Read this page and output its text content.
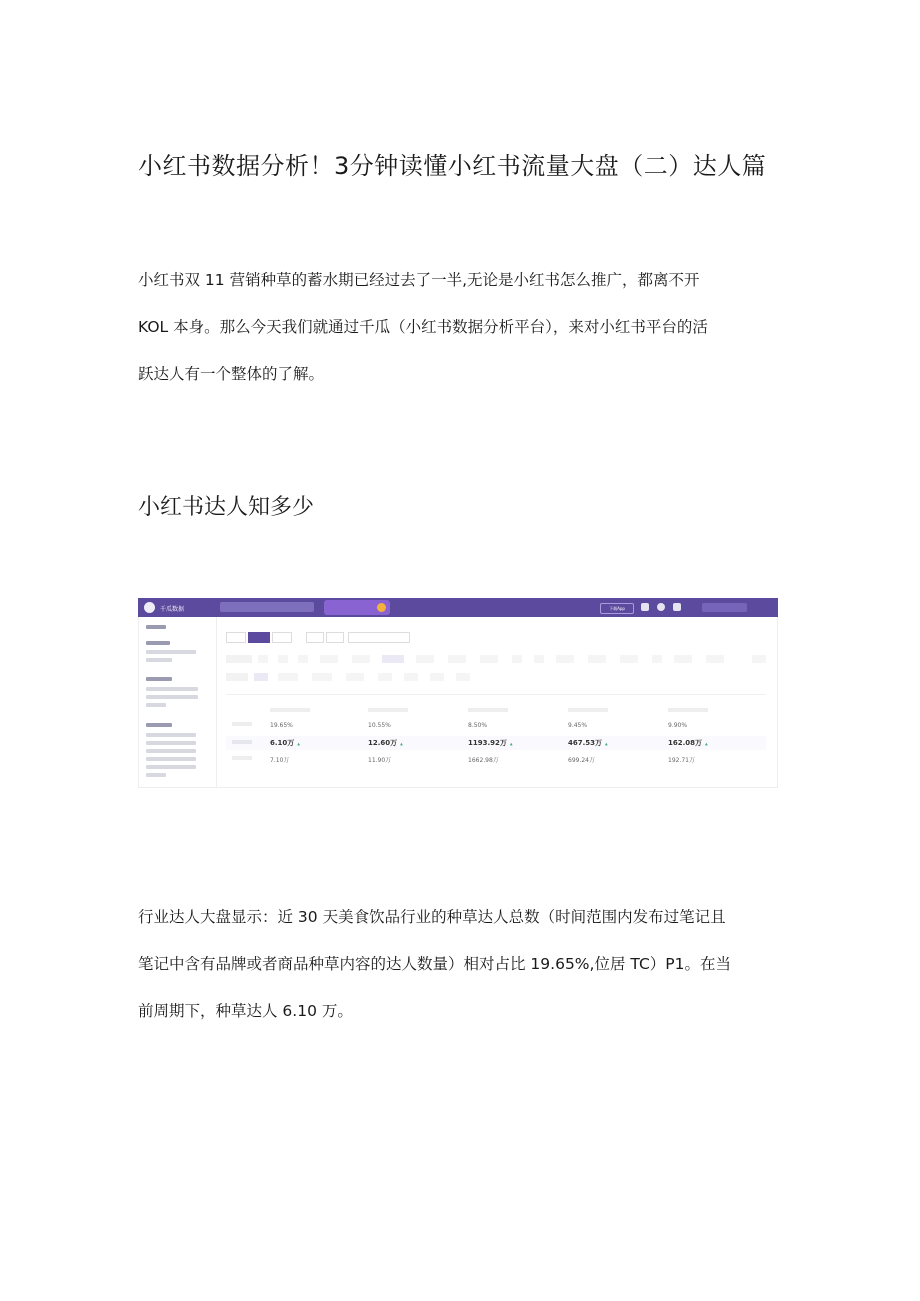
小红书数据分析！3分钟读懂小红书流量大盘（二）达人篇

小红书双 11 营销种草的蓄水期已经过去了一半,无论是小红书怎么推广，都离不开

KOL 本身。那么今天我们就通过千瓜（小红书数据分析平台），来对小红书平台的活

跃达人有一个整体的了解。

小红书达人知多少
千瓜数据	下载App
19.65%
6.10万 ▲
7.10万
10.55%
12.60万 ▲
11.90万
8.50%
1193.92万 ▲
1662.98万
9.45%
467.53万 ▲
699.24万
9.90%
162.08万 ▲
192.71万

行业达人大盘显示：近 30 天美食饮品行业的种草达人总数（时间范围内发布过笔记且

笔记中含有品牌或者商品种草内容的达人数量）相对占比 19.65%,位居 TC）P1。在当

前周期下，种草达人 6.10 万。
